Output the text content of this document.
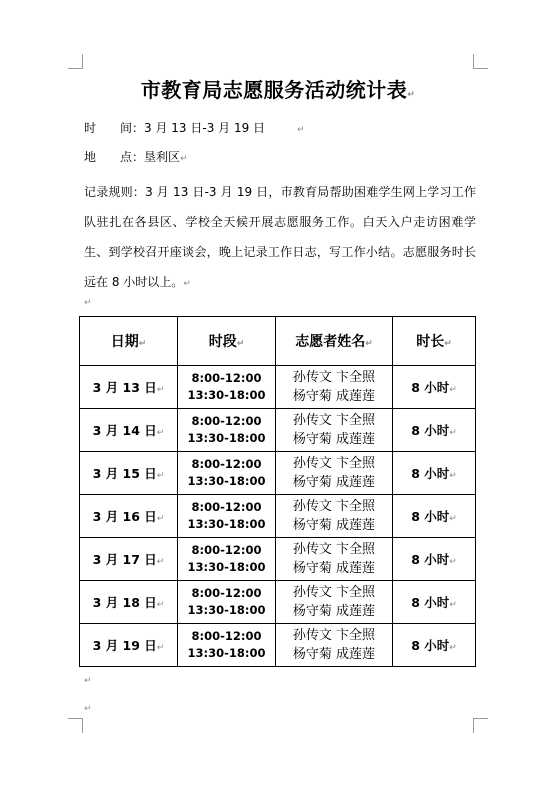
市教育局志愿服务活动统计表↵
时　　间：3 月 13 日-3 月 19 日	↵
地　　点：垦利区↵
记录规则：3 月 13 日-3 月 19 日，市教育局帮助困难学生网上学习工作队驻扎在各县区、学校全天候开展志愿服务工作。白天入户走访困难学生、到学校召开座谈会，晚上记录工作日志，写工作小结。志愿服务时长远在 8 小时以上。↵
↵
日期↵	时段↵	志愿者姓名↵	时长↵
3 月 13 日↵	8:00-12:00
13:30-18:00	孙传文 卞全照
杨守菊 成莲莲	8 小时↵
3 月 14 日↵	8:00-12:00
13:30-18:00	孙传文 卞全照
杨守菊 成莲莲	8 小时↵
3 月 15 日↵	8:00-12:00
13:30-18:00	孙传文 卞全照
杨守菊 成莲莲	8 小时↵
3 月 16 日↵	8:00-12:00
13:30-18:00	孙传文 卞全照
杨守菊 成莲莲	8 小时↵
3 月 17 日↵	8:00-12:00
13:30-18:00	孙传文 卞全照
杨守菊 成莲莲	8 小时↵
3 月 18 日↵	8:00-12:00
13:30-18:00	孙传文 卞全照
杨守菊 成莲莲	8 小时↵
3 月 19 日↵	8:00-12:00
13:30-18:00	孙传文 卞全照
杨守菊 成莲莲	8 小时↵
↵
↵
